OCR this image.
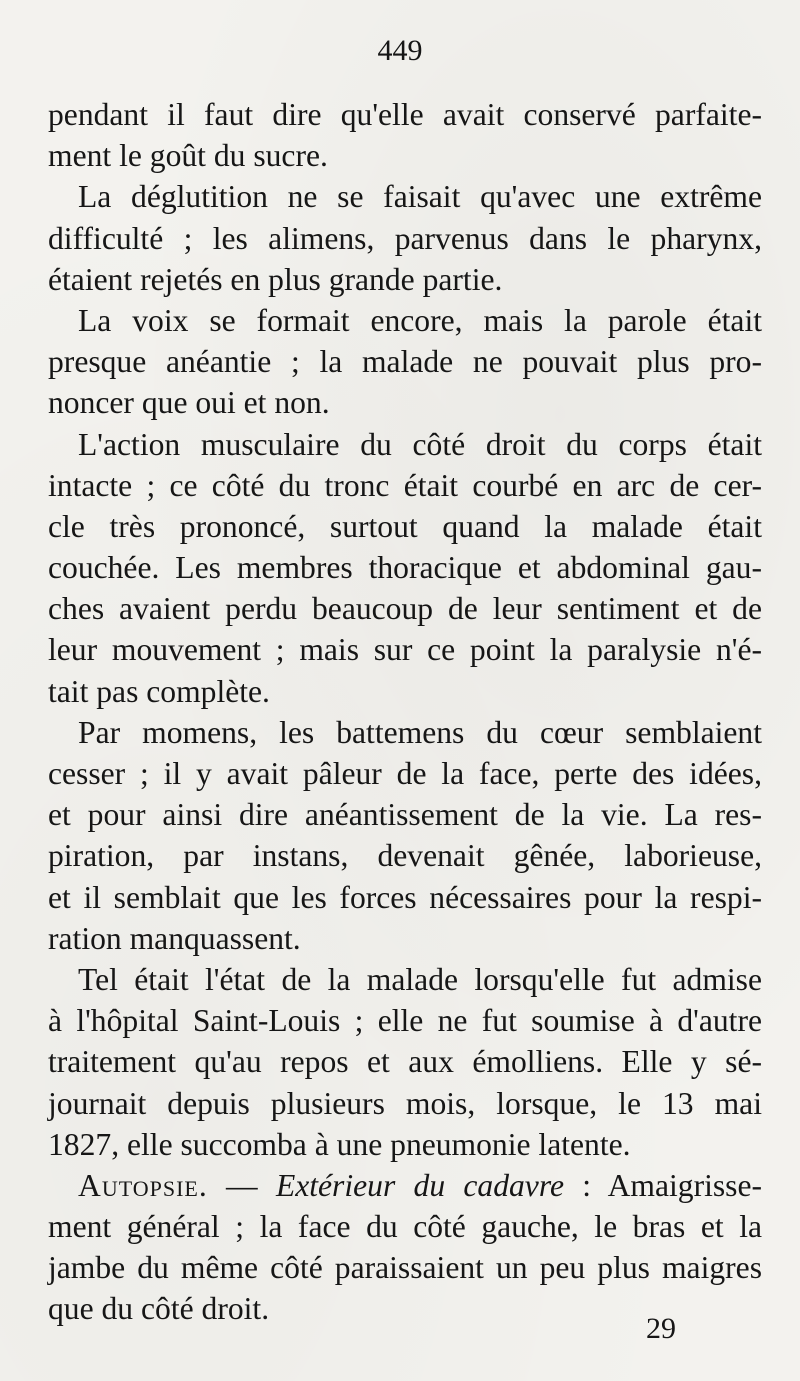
449
pendant il faut dire qu'elle avait conservé parfaite-
ment le goût du sucre.
La déglutition ne se faisait qu'avec une extrême
difficulté ; les alimens, parvenus dans le pharynx,
étaient rejetés en plus grande partie.
La voix se formait encore, mais la parole était
presque anéantie ; la malade ne pouvait plus pro-
noncer que oui et non.
L'action musculaire du côté droit du corps était
intacte ; ce côté du tronc était courbé en arc de cer-
cle très prononcé, surtout quand la malade était
couchée. Les membres thoracique et abdominal gau-
ches avaient perdu beaucoup de leur sentiment et de
leur mouvement ; mais sur ce point la paralysie n'é-
tait pas complète.
Par momens, les battemens du cœur semblaient
cesser ; il y avait pâleur de la face, perte des idées,
et pour ainsi dire anéantissement de la vie. La res-
piration, par instans, devenait gênée, laborieuse,
et il semblait que les forces nécessaires pour la respi-
ration manquassent.
Tel était l'état de la malade lorsqu'elle fut admise
à l'hôpital Saint-Louis ; elle ne fut soumise à d'autre
traitement qu'au repos et aux émolliens. Elle y sé-
journait depuis plusieurs mois, lorsque, le 13 mai
1827, elle succomba à une pneumonie latente.
Autopsie. — Extérieur du cadavre : Amaigrisse-
ment général ; la face du côté gauche, le bras et la
jambe du même côté paraissaient un peu plus maigres
que du côté droit.
29
